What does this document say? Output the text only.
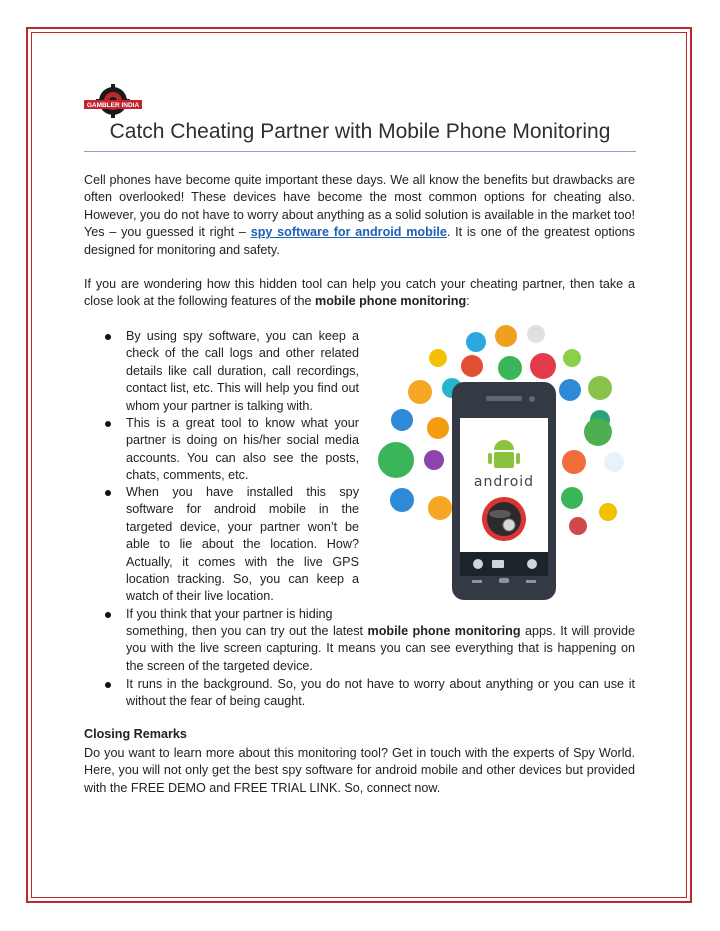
GAMBLER INDIA
Catch Cheating Partner with Mobile Phone Monitoring

Cell phones have become quite important these days. We all know the benefits but drawbacks are often overlooked! These devices have become the most common options for cheating also. However, you do not have to worry about anything as a solid solution is available in the market too! Yes – you guessed it right – spy software for android mobile. It is one of the greatest options designed for monitoring and safety.

If you are wondering how this hidden tool can help you catch your cheating partner, then take a close look at the following features of the mobile phone monitoring:

By using spy software, you can keep a check of the call logs and other related details like call duration, call recordings, contact list, etc. This will help you find out whom your partner is talking with.

This is a great tool to know what your partner is doing on his/her social media accounts. You can also see the posts, chats, comments, etc.

When you have installed this spy software for android mobile in the targeted device, your partner won’t be able to lie about the location. How? Actually, it comes with the live GPS location tracking. So, you can keep a watch of their live location.

If you think that your partner is hiding

something, then you can try out the latest mobile phone monitoring apps. It will provide you with the live screen capturing. It means you can see everything that is happening on the screen of the targeted device.

It runs in the background. So, you do not have to worry about anything or you can use it without the fear of being caught.

Closing Remarks

Do you want to learn more about this monitoring tool? Get in touch with the experts of Spy World. Here, you will not only get the best spy software for android mobile and other devices but provided with the FREE DEMO and FREE TRIAL LINK. So, connect now.

android
